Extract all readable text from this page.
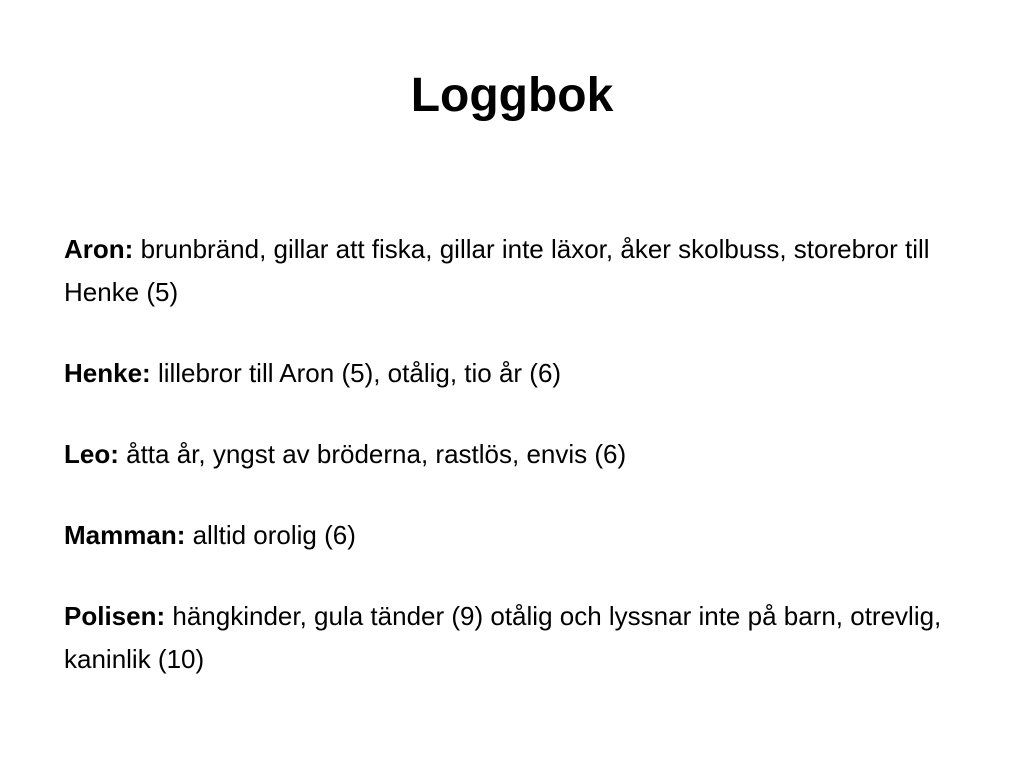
Loggbok

Aron: brunbränd, gillar att fiska, gillar inte läxor, åker skolbuss, storebror till Henke (5)

Henke: lillebror till Aron (5), otålig, tio år (6)

Leo: åtta år, yngst av bröderna, rastlös, envis (6)

Mamman: alltid orolig (6)

Polisen: hängkinder, gula tänder (9) otålig och lyssnar inte på barn, otrevlig, kaninlik (10)
